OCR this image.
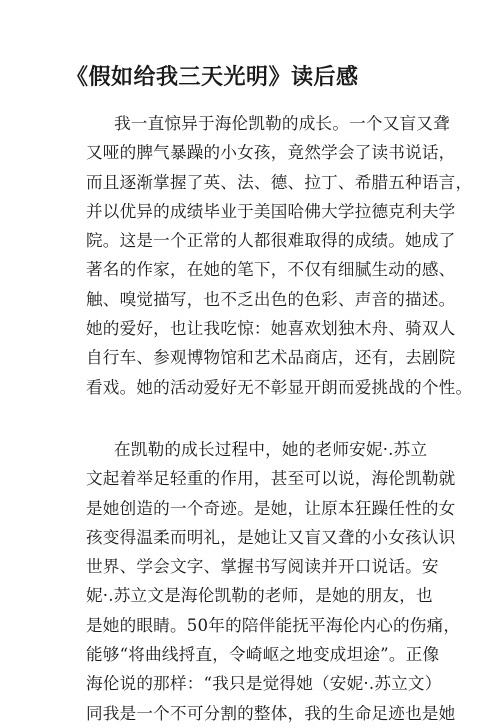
《假如给我三天光明》读后感
我一直惊异于海伦凯勒的成长。一个又盲又聋
又哑的脾气暴躁的小女孩，竟然学会了读书说话，
而且逐渐掌握了英、法、德、拉丁、希腊五种语言，
并以优异的成绩毕业于美国哈佛大学拉德克利夫学
院。这是一个正常的人都很难取得的成绩。她成了
著名的作家，在她的笔下，不仅有细腻生动的感、
触、嗅觉描写，也不乏出色的色彩、声音的描述。
她的爱好，也让我吃惊：她喜欢划独木舟、骑双人
自行车、参观博物馆和艺术品商店，还有，去剧院
看戏。她的活动爱好无不彰显开朗而爱挑战的个性。
在凯勒的成长过程中，她的老师安妮·.苏立
文起着举足轻重的作用，甚至可以说，海伦凯勒就
是她创造的一个奇迹。是她，让原本狂躁任性的女
孩变得温柔而明礼，是她让又盲又聋的小女孩认识
世界、学会文字、掌握书写阅读并开口说话。安
妮·.苏立文是海伦凯勒的老师，是她的朋友，也
是她的眼睛。50年的陪伴能抚平海伦内心的伤痛，
能够“将曲线捋直，令崎岖之地变成坦途”。正像
海伦说的那样：“我只是觉得她（安妮·.苏立文）
同我是一个不可分割的整体，我的生命足迹也是她
